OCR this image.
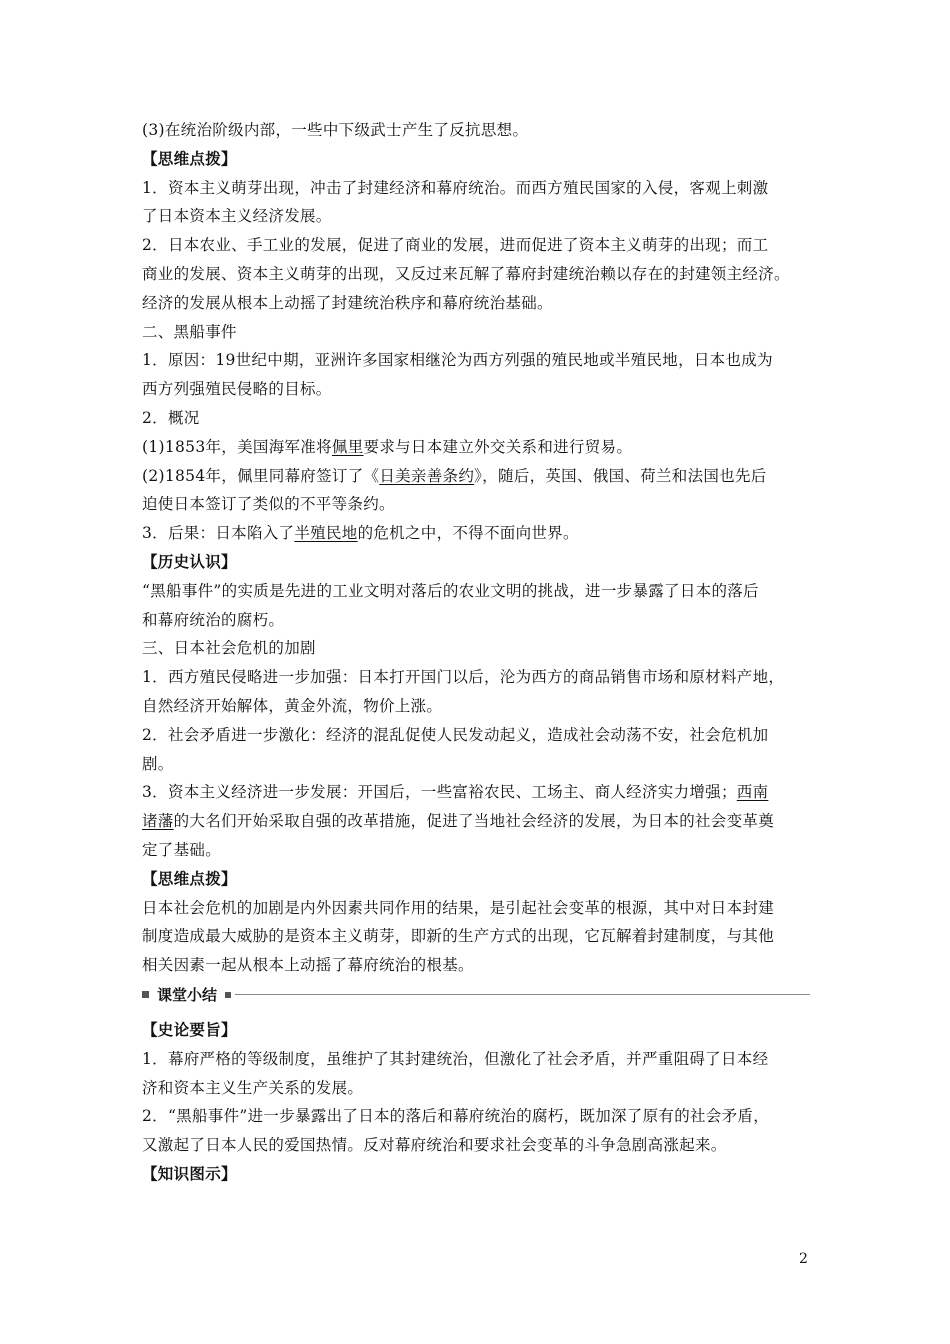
(3)在统治阶级内部，一些中下级武士产生了反抗思想。
【思维点拨】
1．资本主义萌芽出现，冲击了封建经济和幕府统治。而西方殖民国家的入侵，客观上刺激
了日本资本主义经济发展。
2．日本农业、手工业的发展，促进了商业的发展，进而促进了资本主义萌芽的出现；而工
商业的发展、资本主义萌芽的出现，又反过来瓦解了幕府封建统治赖以存在的封建领主经济。
经济的发展从根本上动摇了封建统治秩序和幕府统治基础。
二、黑船事件
1．原因：19世纪中期，亚洲许多国家相继沦为西方列强的殖民地或半殖民地，日本也成为
西方列强殖民侵略的目标。
2．概况
(1)1853年，美国海军准将佩里要求与日本建立外交关系和进行贸易。
(2)1854年，佩里同幕府签订了《日美亲善条约》，随后，英国、俄国、荷兰和法国也先后
迫使日本签订了类似的不平等条约。
3．后果：日本陷入了半殖民地的危机之中，不得不面向世界。
【历史认识】
“黑船事件”的实质是先进的工业文明对落后的农业文明的挑战，进一步暴露了日本的落后
和幕府统治的腐朽。
三、日本社会危机的加剧
1．西方殖民侵略进一步加强：日本打开国门以后，沦为西方的商品销售市场和原材料产地，
自然经济开始解体，黄金外流，物价上涨。
2．社会矛盾进一步激化：经济的混乱促使人民发动起义，造成社会动荡不安，社会危机加
剧。
3．资本主义经济进一步发展：开国后，一些富裕农民、工场主、商人经济实力增强；西南
诸藩的大名们开始采取自强的改革措施，促进了当地社会经济的发展，为日本的社会变革奠
定了基础。
【思维点拨】
日本社会危机的加剧是内外因素共同作用的结果，是引起社会变革的根源，其中对日本封建
制度造成最大威胁的是资本主义萌芽，即新的生产方式的出现，它瓦解着封建制度，与其他
相关因素一起从根本上动摇了幕府统治的根基。
课堂小结
【史论要旨】
1．幕府严格的等级制度，虽维护了其封建统治，但激化了社会矛盾，并严重阻碍了日本经
济和资本主义生产关系的发展。
2．“黑船事件”进一步暴露出了日本的落后和幕府统治的腐朽，既加深了原有的社会矛盾，
又激起了日本人民的爱国热情。反对幕府统治和要求社会变革的斗争急剧高涨起来。
【知识图示】
2
